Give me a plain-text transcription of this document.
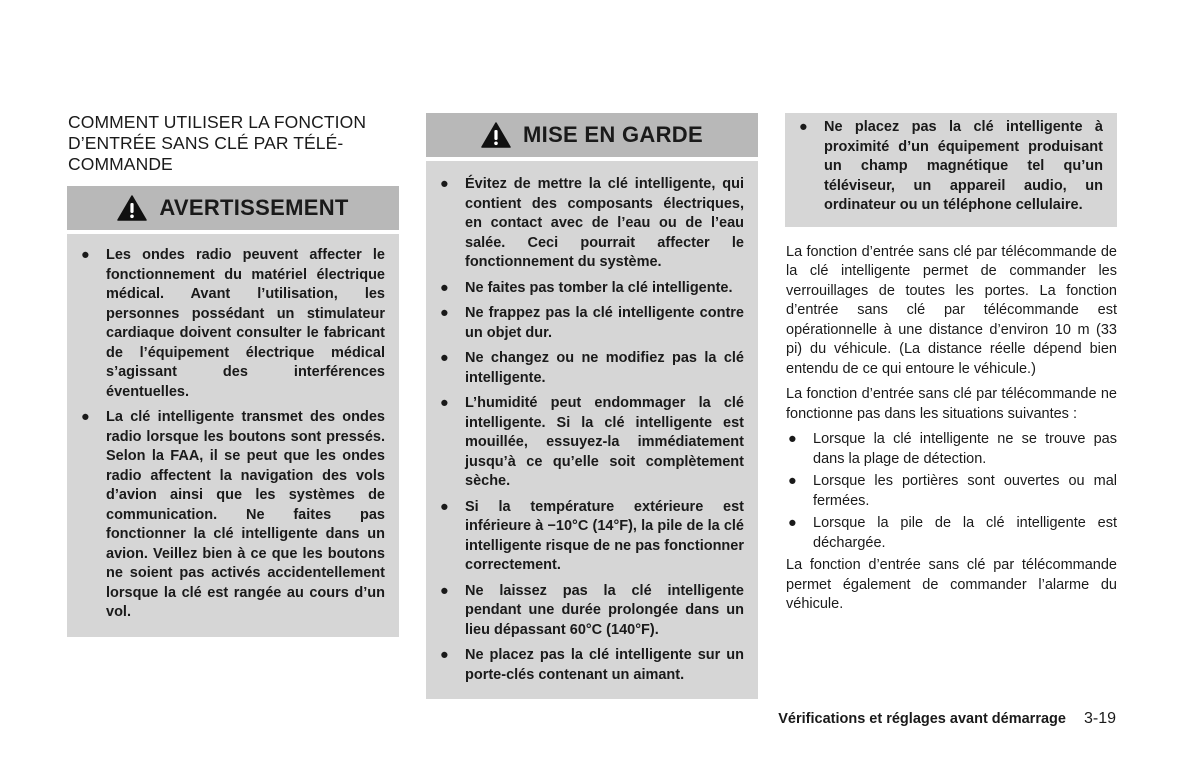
COMMENT UTILISER LA FONCTION D’ENTRÉE SANS CLÉ PAR TÉLÉ-COMMANDE
AVERTISSEMENT
● Les ondes radio peuvent affecter le fonctionnement du matériel électrique médical. Avant l’utilisation, les personnes possédant un stimulateur cardiaque doivent consulter le fabricant de l’équipement électrique médical s’agissant des interférences éventuelles.
● La clé intelligente transmet des ondes radio lorsque les boutons sont pressés. Selon la FAA, il se peut que les ondes radio affectent la navigation des vols d’avion ainsi que les systèmes de communication. Ne faites pas fonctionner la clé intelligente dans un avion. Veillez bien à ce que les boutons ne soient pas activés accidentellement lorsque la clé est rangée au cours d’un vol.
MISE EN GARDE
● Évitez de mettre la clé intelligente, qui contient des composants électriques, en contact avec de l’eau ou de l’eau salée. Ceci pourrait affecter le fonctionnement du système.
● Ne faites pas tomber la clé intelligente.
● Ne frappez pas la clé intelligente contre un objet dur.
● Ne changez ou ne modifiez pas la clé intelligente.
● L’humidité peut endommager la clé intelligente. Si la clé intelligente est mouillée, essuyez-la immédiatement jusqu’à ce qu’elle soit complètement sèche.
● Si la température extérieure est inférieure à −10°C (14°F), la pile de la clé intelligente risque de ne pas fonctionner correctement.
● Ne laissez pas la clé intelligente pendant une durée prolongée dans un lieu dépassant 60°C (140°F).
● Ne placez pas la clé intelligente sur un porte-clés contenant un aimant.
● Ne placez pas la clé intelligente à proximité d’un équipement produisant un champ magnétique tel qu’un téléviseur, un appareil audio, un ordinateur ou un téléphone cellulaire.

La fonction d’entrée sans clé par télécommande de la clé intelligente permet de commander les verrouillages de toutes les portes. La fonction d’entrée sans clé par télécommande est opérationnelle à une distance d’environ 10 m (33 pi) du véhicule. (La distance réelle dépend bien entendu de ce qui entoure le véhicule.)

La fonction d’entrée sans clé par télécommande ne fonctionne pas dans les situations suivantes :

● Lorsque la clé intelligente ne se trouve pas dans la plage de détection.
● Lorsque les portières sont ouvertes ou mal fermées.
● Lorsque la pile de la clé intelligente est déchargée.

La fonction d’entrée sans clé par télécommande permet également de commander l’alarme du véhicule.

Vérifications et réglages avant démarrage 3-19
